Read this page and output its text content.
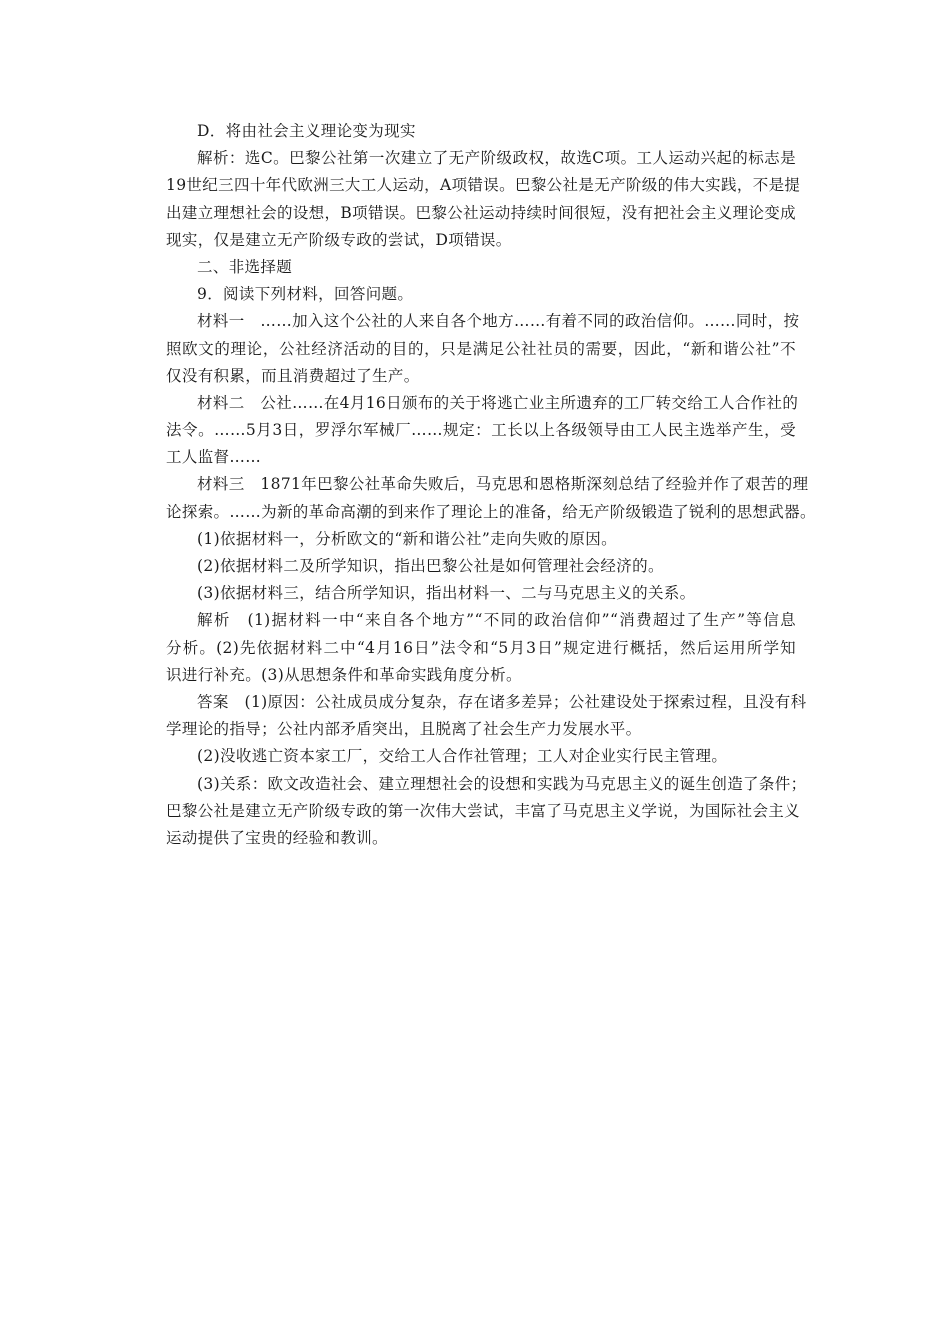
D．将由社会主义理论变为现实
解析：选C。巴黎公社第一次建立了无产阶级政权，故选C项。工人运动兴起的标志是
19世纪三四十年代欧洲三大工人运动，A项错误。巴黎公社是无产阶级的伟大实践，不是提
出建立理想社会的设想，B项错误。巴黎公社运动持续时间很短，没有把社会主义理论变成
现实，仅是建立无产阶级专政的尝试，D项错误。
二、非选择题
9．阅读下列材料，回答问题。
材料一　……加入这个公社的人来自各个地方……有着不同的政治信仰。……同时，按
照欧文的理论，公社经济活动的目的，只是满足公社社员的需要，因此，“新和谐公社”不
仅没有积累，而且消费超过了生产。
材料二　公社……在4月16日颁布的关于将逃亡业主所遗弃的工厂转交给工人合作社的
法令。……5月3日，罗浮尔军械厂……规定：工长以上各级领导由工人民主选举产生，受
工人监督……
材料三　1871年巴黎公社革命失败后，马克思和恩格斯深刻总结了经验并作了艰苦的理
论探索。……为新的革命高潮的到来作了理论上的准备，给无产阶级锻造了锐利的思想武器。
(1)依据材料一，分析欧文的“新和谐公社”走向失败的原因。
(2)依据材料二及所学知识，指出巴黎公社是如何管理社会经济的。
(3)依据材料三，结合所学知识，指出材料一、二与马克思主义的关系。
解析　(1)据材料一中“来自各个地方”“不同的政治信仰”“消费超过了生产”等信息
分析。(2)先依据材料二中“4月16日”法令和“5月3日”规定进行概括，然后运用所学知
识进行补充。(3)从思想条件和革命实践角度分析。
答案　(1)原因：公社成员成分复杂，存在诸多差异；公社建设处于探索过程，且没有科
学理论的指导；公社内部矛盾突出，且脱离了社会生产力发展水平。
(2)没收逃亡资本家工厂，交给工人合作社管理；工人对企业实行民主管理。
(3)关系：欧文改造社会、建立理想社会的设想和实践为马克思主义的诞生创造了条件；
巴黎公社是建立无产阶级专政的第一次伟大尝试，丰富了马克思主义学说，为国际社会主义
运动提供了宝贵的经验和教训。
